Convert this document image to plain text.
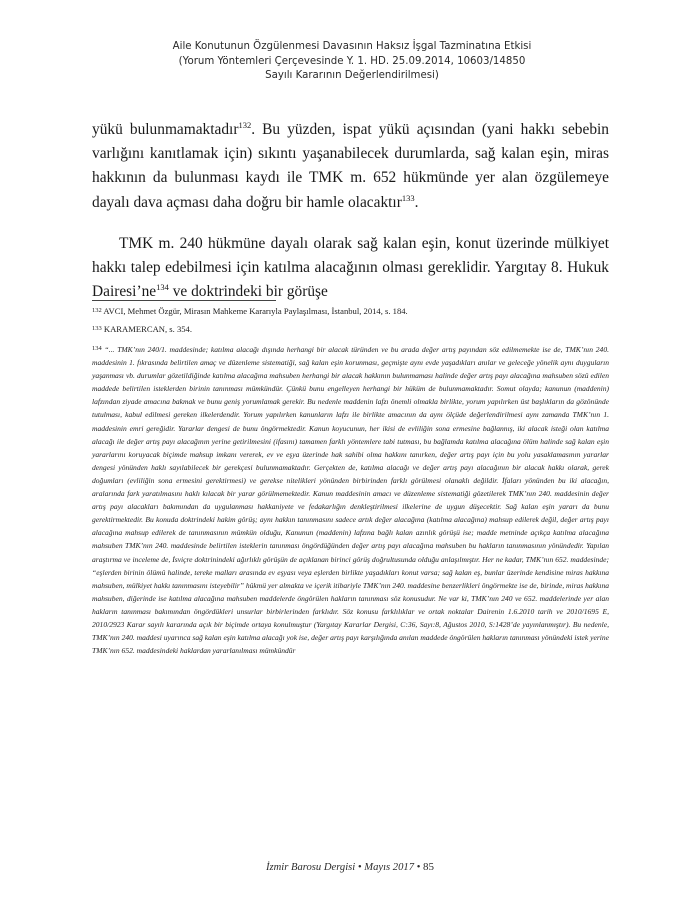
Aile Konutunun Özgülenmesi Davasının Haksız İşgal Tazminatına Etkisi
(Yorum Yöntemleri Çerçevesinde Y. 1. HD. 25.09.2014, 10603/14850
Sayılı Kararının Değerlendirilmesi)

yükü bulunmamaktadır$^{132}$. Bu yüzden, ispat yükü açısından (yani hakkı sebebin varlığını kanıtlamak için) sıkıntı yaşanabilecek durumlarda, sağ kalan eşin, miras hakkının da bulunması kaydı ile TMK m. 652 hükmünde yer alan özgülemeye dayalı dava açması daha doğru bir hamle olacaktır$^{133}$.

TMK m. 240 hükmüne dayalı olarak sağ kalan eşin, konut üzerinde mülkiyet hakkı talep edebilmesi için katılma alacağının olması gereklidir. Yargıtay 8. Hukuk $Dairesi’ne^{134}$ ve doktrindeki bir görüşe

$^{132}$ AVCI, Mehmet Özgür, Mirasın Mahkeme Kararıyla Paylaşılması, İstanbul, 2014, s. 184.
$^{133}$ KARAMERCAN, s. 354.
134 “... TMK’nın 240/1. maddesinde; katılma alacağı dışında herhangi bir alacak türünden ve bu arada değer artış payından söz edilmemekte ise de, TMK’nın 240. maddesinin 1. fıkrasında belirtilen amaç ve düzenleme sistematiği, sağ kalan eşin korunması, geçmişte aynı evde yaşadıkları anılar ve geleceğe yönelik aynı duyguların yaşanması vb. durumlar gözetildiğinde katılma alacağına mahsuben herhangi bir alacak hakkının bulunmaması halinde değer artış payı alacağına mahsuben sözü edilen maddede belirtilen isteklerden birinin tanınması mümkündür. Çünkü bunu engelleyen herhangi bir hüküm de bulunmamaktadır. Somut olayda; kanunun (maddenin) lafzından ziyade amacına bakmak ve bunu geniş yorumlamak gerekir. Bu nedenle maddenin lafzı önemli olmakla birlikte, yorum yapılırken üst başlıkların da gözönünde tutulması, kabul edilmesi gereken ilkelerdendir. Yorum yapılırken kanunların lafzı ile birlikte amacının da aynı ölçüde değerlendirilmesi aynı zamanda TMK’nın 1. maddesinin emri gereğidir. Yararlar dengesi de bunu öngörmektedir. Kanun koyucunun, her ikisi de evliliğin sona ermesine bağlannış, iki alacak isteği olan katılma alacağı ile değer artış payı alacağının yerine getirilmesini (ifasını) tamamen farklı yöntemlere tabi tutması, bu bağlamda katılma alacağına ölüm halinde sağ kalan eşin yararlarını koruyacak biçimde mahsup imkanı vererek, ev ve eşya üzerinde hak sahibi olma hakkını tanırken, değer artış payı için bu yolu yasaklamasının yararlar dengesi yönünden haklı sayılabilecek bir gerekçesi bulunmamaktadır. Gerçekten de, katılma alacağı ve değer artış payı alacağının bir alacak hakkı olarak, gerek doğumları (evliliğin sona ermesini gerektirmesi) ve gerekse nitelikleri yönünden birbirinden farklı görülmesi olanaklı değildir. İfaları yönünden bu iki alacağın, aralarında fark yaratılmasını haklı kılacak bir yarar görülmemektedir. Kanun maddesinin amacı ve düzenleme sistematiği gözetilerek TMK’nın 240. maddesinin değer artış payı alacakları bakımından da uygulanması hakkaniyete ve fedakarlığın denkleştirilmesi ilkelerine de uygun düşecektir. Sağ kalan eşin yararı da bunu gerektirmektedir. Bu konuda doktrindeki hakim görüş; aynı hakkın tanınmasını sadece artık değer alacağına (katılma alacağına) mahsup edilerek değil, değer artış payı alacağına mahsup edilerek de tanınmasının mümkün olduğu, Kanunun (maddenin) lafzına bağlı kalan azınlık görüşü ise; madde metninde açıkça katılma alacağına mahsuben TMK’nın 240. maddesinde belirtilen isteklerin tanınması öngördüğünden değer artış payı alacağına mahsuben bu hakların tanınmasının yönündedir. Yapılan araştırma ve inceleme de, İsviçre doktrinindeki ağırlıklı görüşün de açıklanan birinci görüş doğrultusunda olduğu anlaşılmıştır. Her ne kadar, TMK’nın 652. maddesinde; “eşlerden birinin ölümü halinde, tereke malları arasında ev eşyası veya eşlerden birlikte yaşadıkları konut varsa; sağ kalan eş, bunlar üzerinde kendisine miras hakkına mahsuben, mülkiyet hakkı tanınmasını isteyebilir” hükmü yer almakta ve içerik itibariyle TMK’nın 240. maddesine benzerlikleri öngörmekte ise de, birinde, miras hakkına mahsuben, diğerinde ise katılma alacağına mahsuben maddelerde öngörülen hakların tanınması söz konusudur. Ne var ki, TMK’nın 240 ve 652. maddelerinde yer alan hakların tanınması bakımından öngördükleri unsurlar birbirlerinden farklıdır. Söz konusu farklılıklar ve ortak noktalar Dairenin 1.6.2010 tarih ve 2010/1695 E, 2010/2923 Karar sayılı kararında açık bir biçimde ortaya konulmuştur (Yargıtay Kararlar Dergisi, C:36, Sayı:8, Ağustos 2010, S:1428’de yayınlanmıştır). Bu nedenle, TMK’nın 240. maddesi uyarınca sağ kalan eşin katılma alacağı yok ise, değer artış payı karşılığında anılan maddede öngörülen hakların tanınması yönündeki istek yerine TMK’nın 652. maddesindeki haklardan yararlanılması mümkündür
İzmir Barosu Dergisi • Mayıs 2017 • 85
